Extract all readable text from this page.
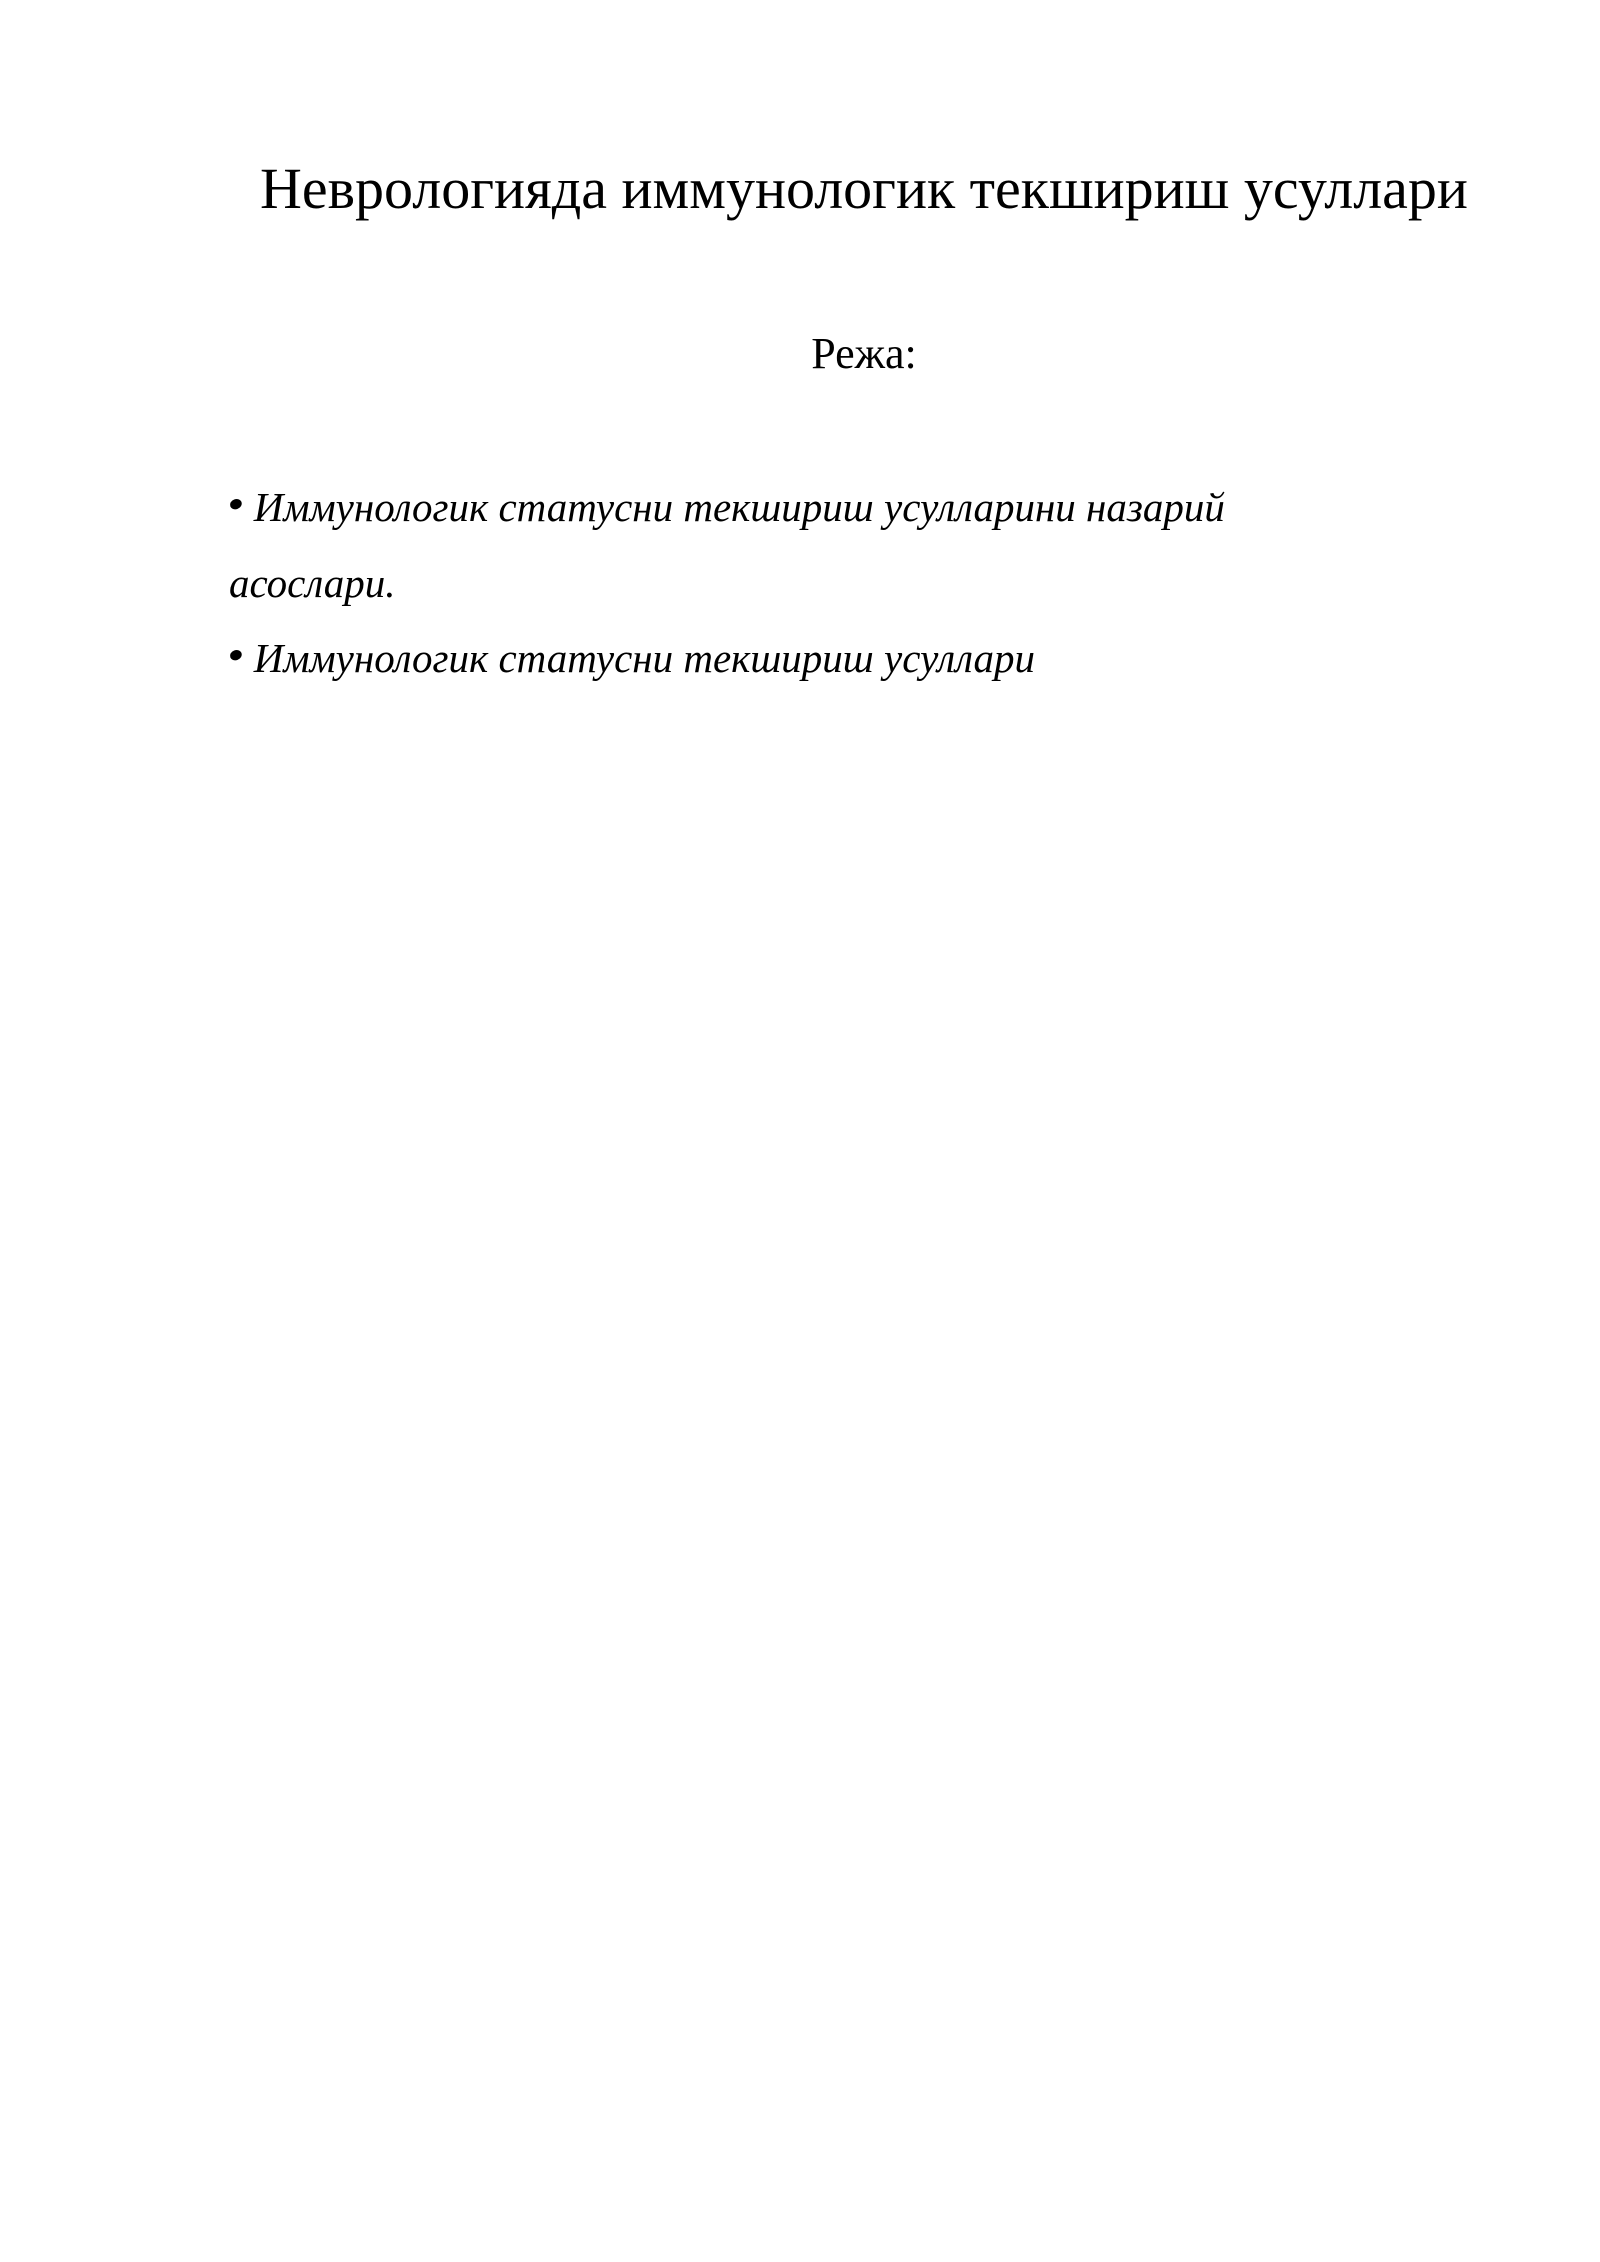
Неврологияда иммунологик текшириш усуллари
Режа:
•Иммунологик статусни текшириш усулларини назарий асослари.
•Иммунологик статусни текшириш усуллари
